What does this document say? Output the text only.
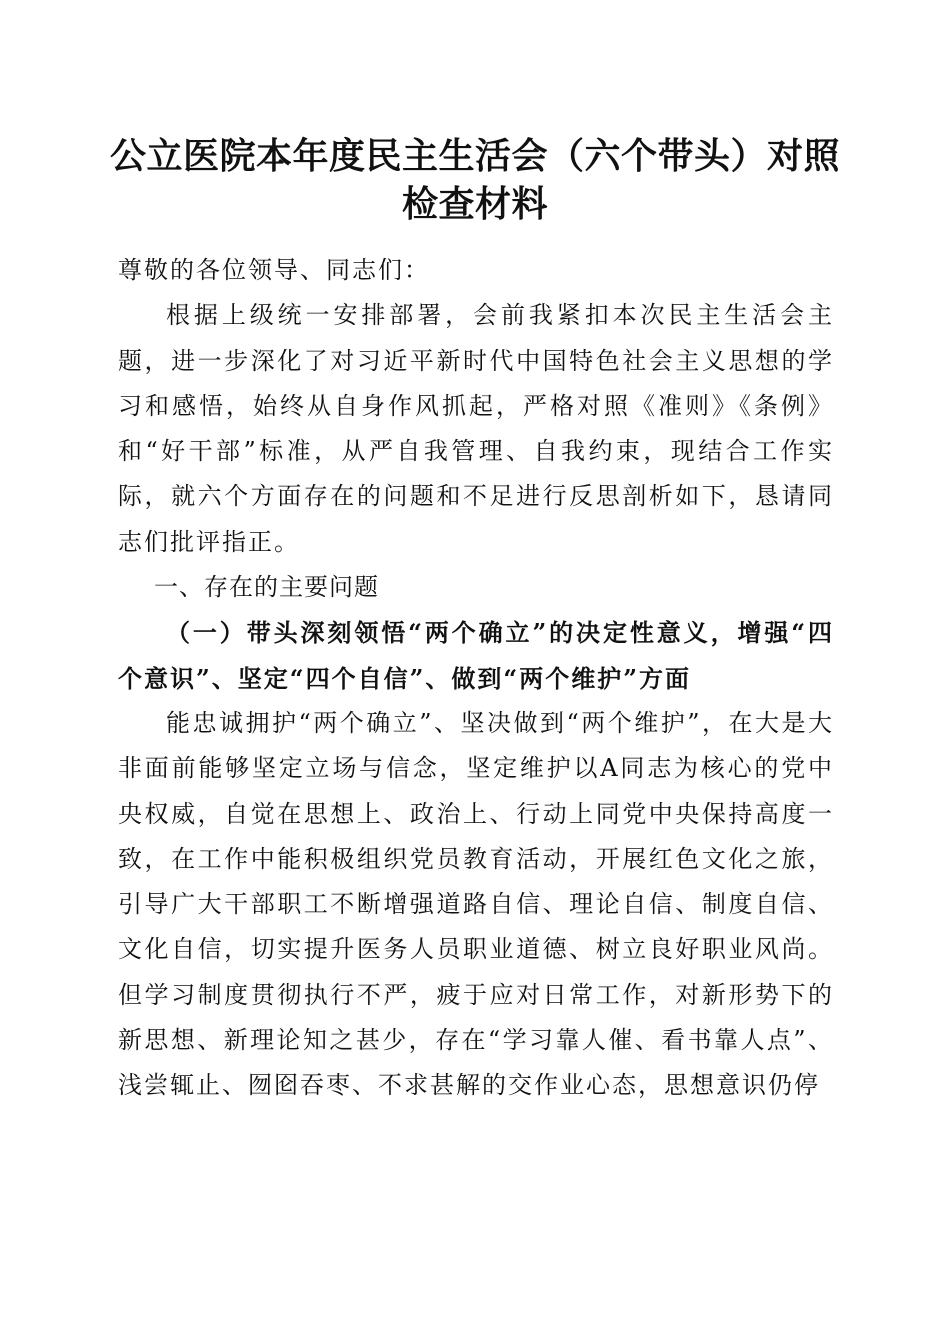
公立医院本年度民主生活会（六个带头）对照
检查材料

尊敬的各位领导、同志们：

根据上级统一安排部署，会前我紧扣本次民主生活会主题，进一步深化了对习近平新时代中国特色社会主义思想的学习和感悟，始终从自身作风抓起，严格对照《准则》《条例》和“好干部”标准，从严自我管理、自我约束，现结合工作实际，就六个方面存在的问题和不足进行反思剖析如下，恳请同志们批评指正。

一、存在的主要问题

（一）带头深刻领悟“两个确立”的决定性意义，增强“四个意识”、坚定“四个自信”、做到“两个维护”方面

能忠诚拥护“两个确立”、坚决做到“两个维护”，在大是大非面前能够坚定立场与信念，坚定维护以A同志为核心的党中央权威，自觉在思想上、政治上、行动上同党中央保持高度一致，在工作中能积极组织党员教育活动，开展红色文化之旅，引导广大干部职工不断增强道路自信、理论自信、制度自信、文化自信，切实提升医务人员职业道德、树立良好职业风尚。但学习制度贯彻执行不严，疲于应对日常工作，对新形势下的新思想、新理论知之甚少，存在“学习靠人催、看书靠人点”、浅尝辄止、囫囵吞枣、不求甚解的交作业心态，思想意识仍停
